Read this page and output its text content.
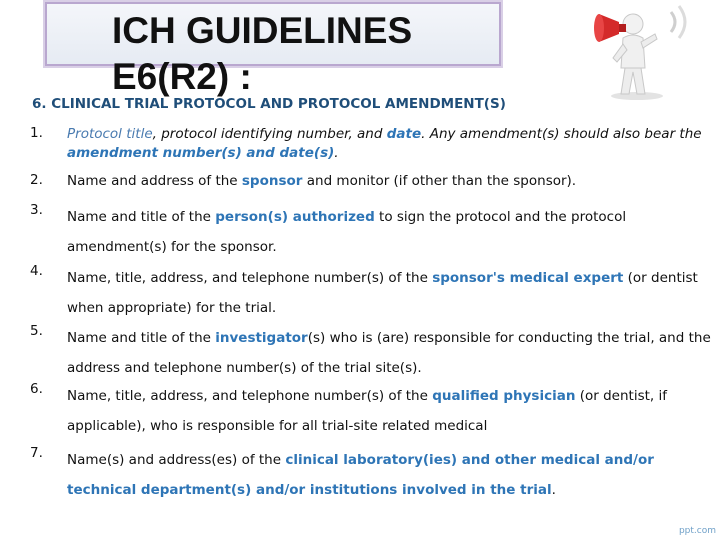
ICH GUIDELINES
E6(R2) :

6. CLINICAL TRIAL PROTOCOL AND PROTOCOL AMENDMENT(S)

1. Protocol title, protocol identifying number, and date. Any amendment(s) should also bear the amendment number(s) and date(s).
2. Name and address of the sponsor and monitor (if other than the sponsor).
3. Name and title of the person(s) authorized to sign the protocol and the protocol amendment(s) for the sponsor.
4. Name, title, address, and telephone number(s) of the sponsor's medical expert (or dentist when appropriate) for the trial.
5. Name and title of the investigator(s) who is (are) responsible for conducting the trial, and the address and telephone number(s) of the trial site(s).
6. Name, title, address, and telephone number(s) of the qualified physician (or dentist, if applicable), who is responsible for all trial-site related medical
7. Name(s) and address(es) of the clinical laboratory(ies) and other medical and/or technical department(s) and/or institutions involved in the trial.
ppt.com
